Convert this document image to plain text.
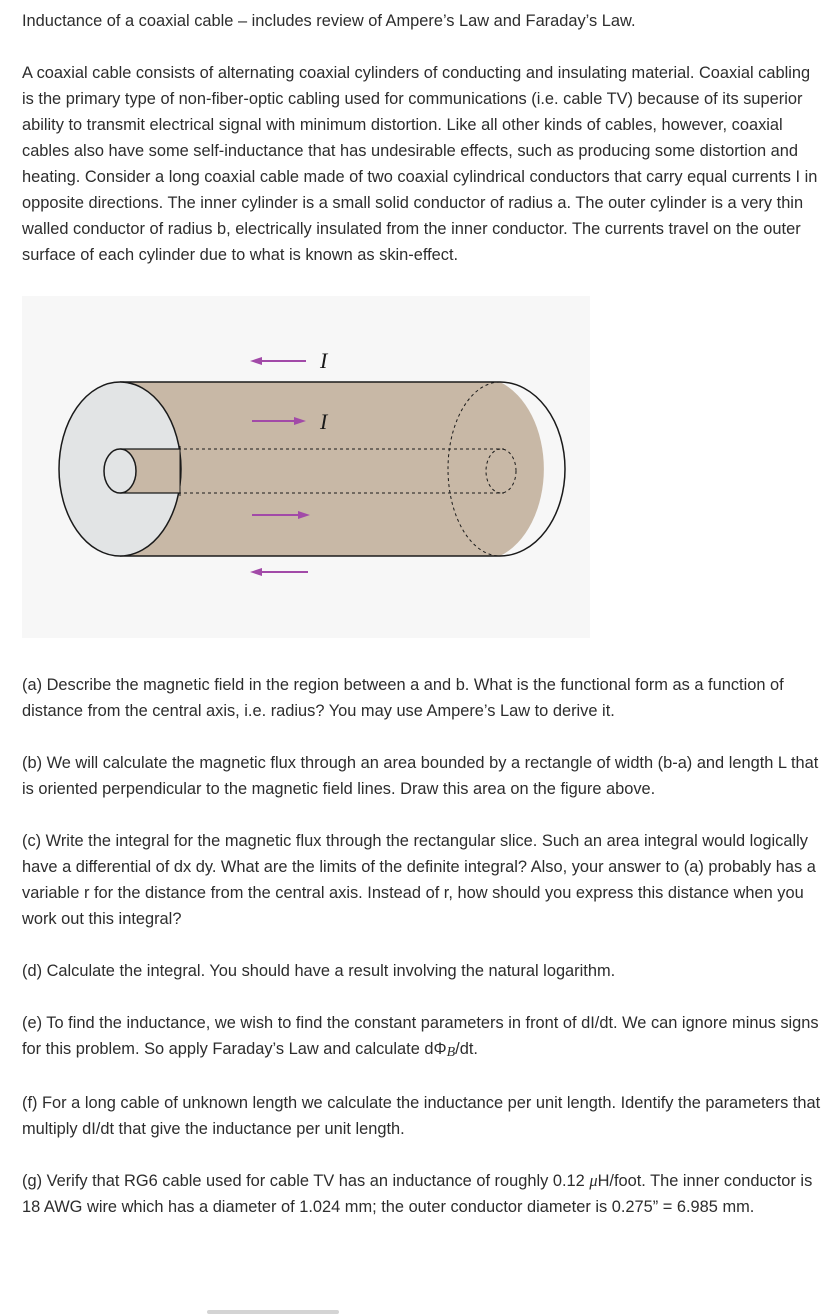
Inductance of a coaxial cable – includes review of Ampere’s Law and Faraday’s Law.

A coaxial cable consists of alternating coaxial cylinders of conducting and insulating material. Coaxial cabling is the primary type of non-fiber-optic cabling used for communications (i.e. cable TV) because of its superior ability to transmit electrical signal with minimum distortion. Like all other kinds of cables, however, coaxial cables also have some self-inductance that has undesirable effects, such as producing some distortion and heating. Consider a long coaxial cable made of two coaxial cylindrical conductors that carry equal currents I in opposite directions. The inner cylinder is a small solid conductor of radius a. The outer cylinder is a very thin walled conductor of radius b, electrically insulated from the inner conductor. The currents travel on the outer surface of each cylinder due to what is known as skin-effect.

I
I

(a) Describe the magnetic field in the region between a and b. What is the functional form as a function of distance from the central axis, i.e. radius? You may use Ampere’s Law to derive it.

(b) We will calculate the magnetic flux through an area bounded by a rectangle of width (b-a) and length L that is oriented perpendicular to the magnetic field lines. Draw this area on the figure above.

(c) Write the integral for the magnetic flux through the rectangular slice. Such an area integral would logically have a differential of dx dy. What are the limits of the definite integral? Also, your answer to (a) probably has a variable r for the distance from the central axis. Instead of r, how should you express this distance when you work out this integral?

(d) Calculate the integral. You should have a result involving the natural logarithm.

(e) To find the inductance, we wish to find the constant parameters in front of dI/dt. We can ignore minus signs for this problem. So apply Faraday’s Law and calculate dΦB/dt.

(f) For a long cable of unknown length we calculate the inductance per unit length. Identify the parameters that multiply dI/dt that give the inductance per unit length.

(g) Verify that RG6 cable used for cable TV has an inductance of roughly 0.12 μH/foot. The inner conductor is 18 AWG wire which has a diameter of 1.024 mm; the outer conductor diameter is 0.275” = 6.985 mm.
